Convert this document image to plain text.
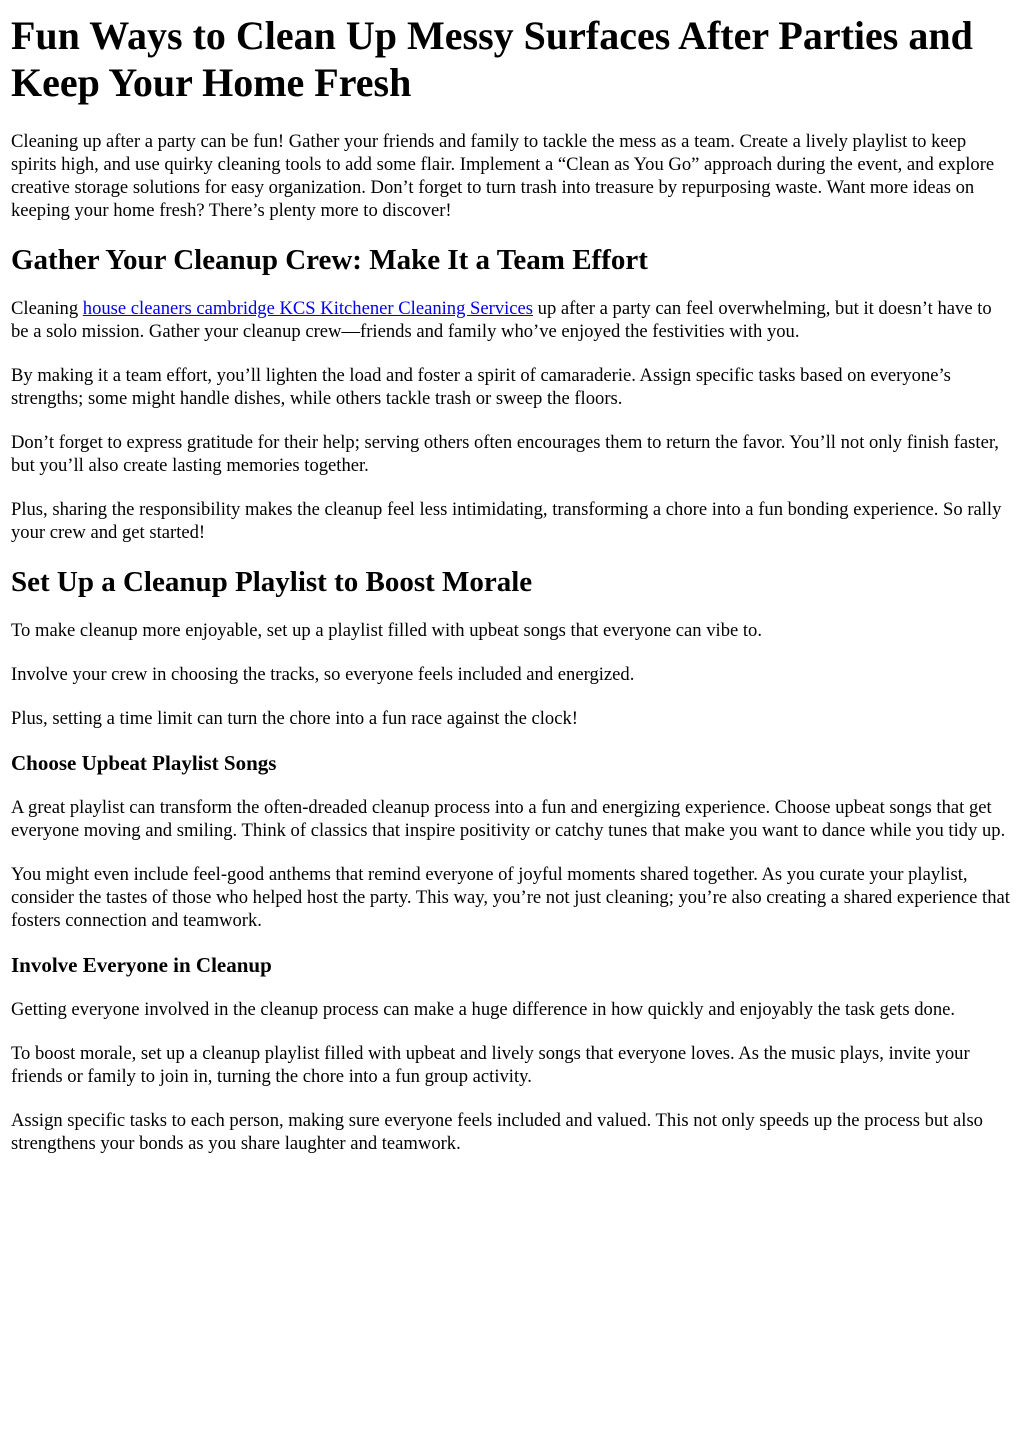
Fun Ways to Clean Up Messy Surfaces After Parties and Keep Your Home Fresh

Cleaning up after a party can be fun! Gather your friends and family to tackle the mess as a team. Create a lively playlist to keep spirits high, and use quirky cleaning tools to add some flair. Implement a “Clean as You Go” approach during the event, and explore creative storage solutions for easy organization. Don’t forget to turn trash into treasure by repurposing waste. Want more ideas on keeping your home fresh? There’s plenty more to discover!

Gather Your Cleanup Crew: Make It a Team Effort

Cleaning house cleaners cambridge KCS Kitchener Cleaning Services up after a party can feel overwhelming, but it doesn’t have to be a solo mission. Gather your cleanup crew—friends and family who’ve enjoyed the festivities with you.

By making it a team effort, you’ll lighten the load and foster a spirit of camaraderie. Assign specific tasks based on everyone’s strengths; some might handle dishes, while others tackle trash or sweep the floors.

Don’t forget to express gratitude for their help; serving others often encourages them to return the favor. You’ll not only finish faster, but you’ll also create lasting memories together.

Plus, sharing the responsibility makes the cleanup feel less intimidating, transforming a chore into a fun bonding experience. So rally your crew and get started!

Set Up a Cleanup Playlist to Boost Morale

To make cleanup more enjoyable, set up a playlist filled with upbeat songs that everyone can vibe to.

Involve your crew in choosing the tracks, so everyone feels included and energized.

Plus, setting a time limit can turn the chore into a fun race against the clock!

Choose Upbeat Playlist Songs

A great playlist can transform the often-dreaded cleanup process into a fun and energizing experience. Choose upbeat songs that get everyone moving and smiling. Think of classics that inspire positivity or catchy tunes that make you want to dance while you tidy up.

You might even include feel-good anthems that remind everyone of joyful moments shared together. As you curate your playlist, consider the tastes of those who helped host the party. This way, you’re not just cleaning; you’re also creating a shared experience that fosters connection and teamwork.

Involve Everyone in Cleanup

Getting everyone involved in the cleanup process can make a huge difference in how quickly and enjoyably the task gets done.

To boost morale, set up a cleanup playlist filled with upbeat and lively songs that everyone loves. As the music plays, invite your friends or family to join in, turning the chore into a fun group activity.

Assign specific tasks to each person, making sure everyone feels included and valued. This not only speeds up the process but also strengthens your bonds as you share laughter and teamwork.
